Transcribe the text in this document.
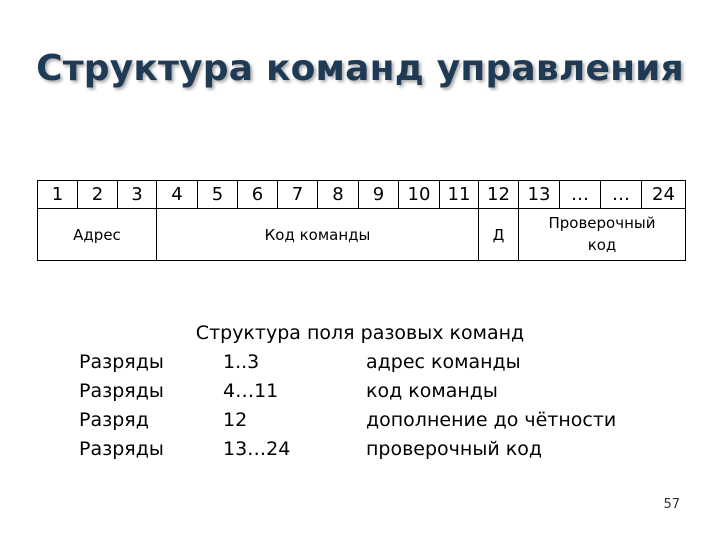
Структура команд управления
1	2	3	4	5	6	7	8	9	10	11	12	13	…	…	24
Адрес			Код команды								Д	Проверочный
код			
Структура поля разовых команд
Разряды	1..3	адрес команды
Разряды	4…11	код команды
Разряд	12	дополнение до чётности
Разряды	13…24	проверочный код
57
